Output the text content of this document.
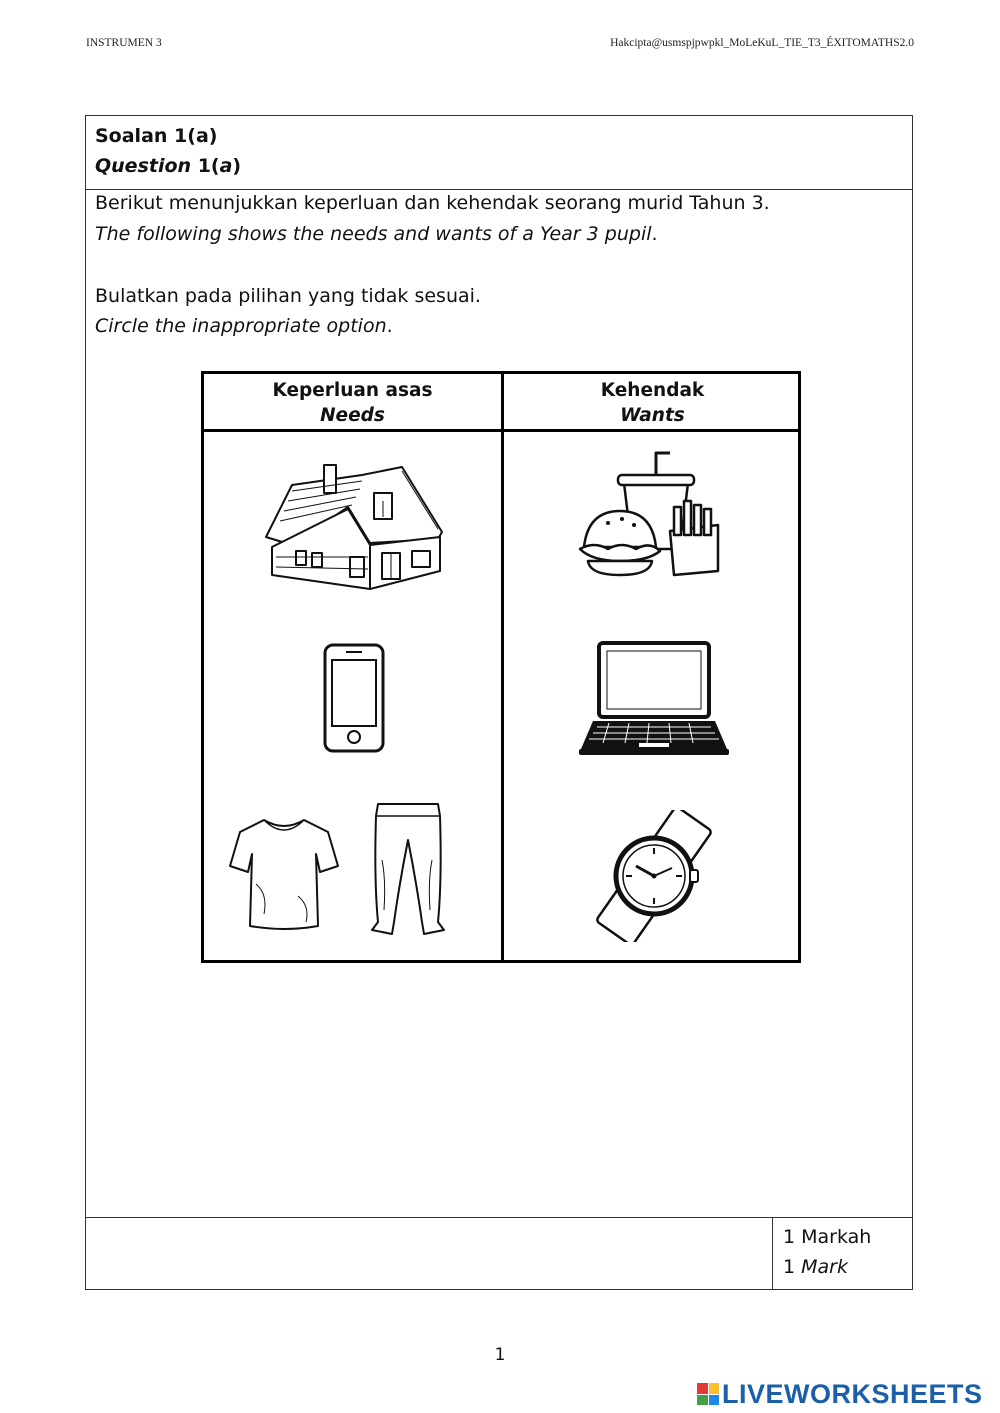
INSTRUMEN 3	Hakcipta@usmspjpwpkl_MoLeKuL_TIE_T3_ÉXITOMATHS2.0
Soalan 1(a)
Question 1(a)
Berikut menunjukkan keperluan dan kehendak seorang murid Tahun 3.
The following shows the needs and wants of a Year 3 pupil.
Bulatkan pada pilihan yang tidak sesuai.
Circle the inappropriate option.
Keperluan asas
Needs
Kehendak
Wants
1 Markah
1 Mark
1
LIVEWORKSHEETS
